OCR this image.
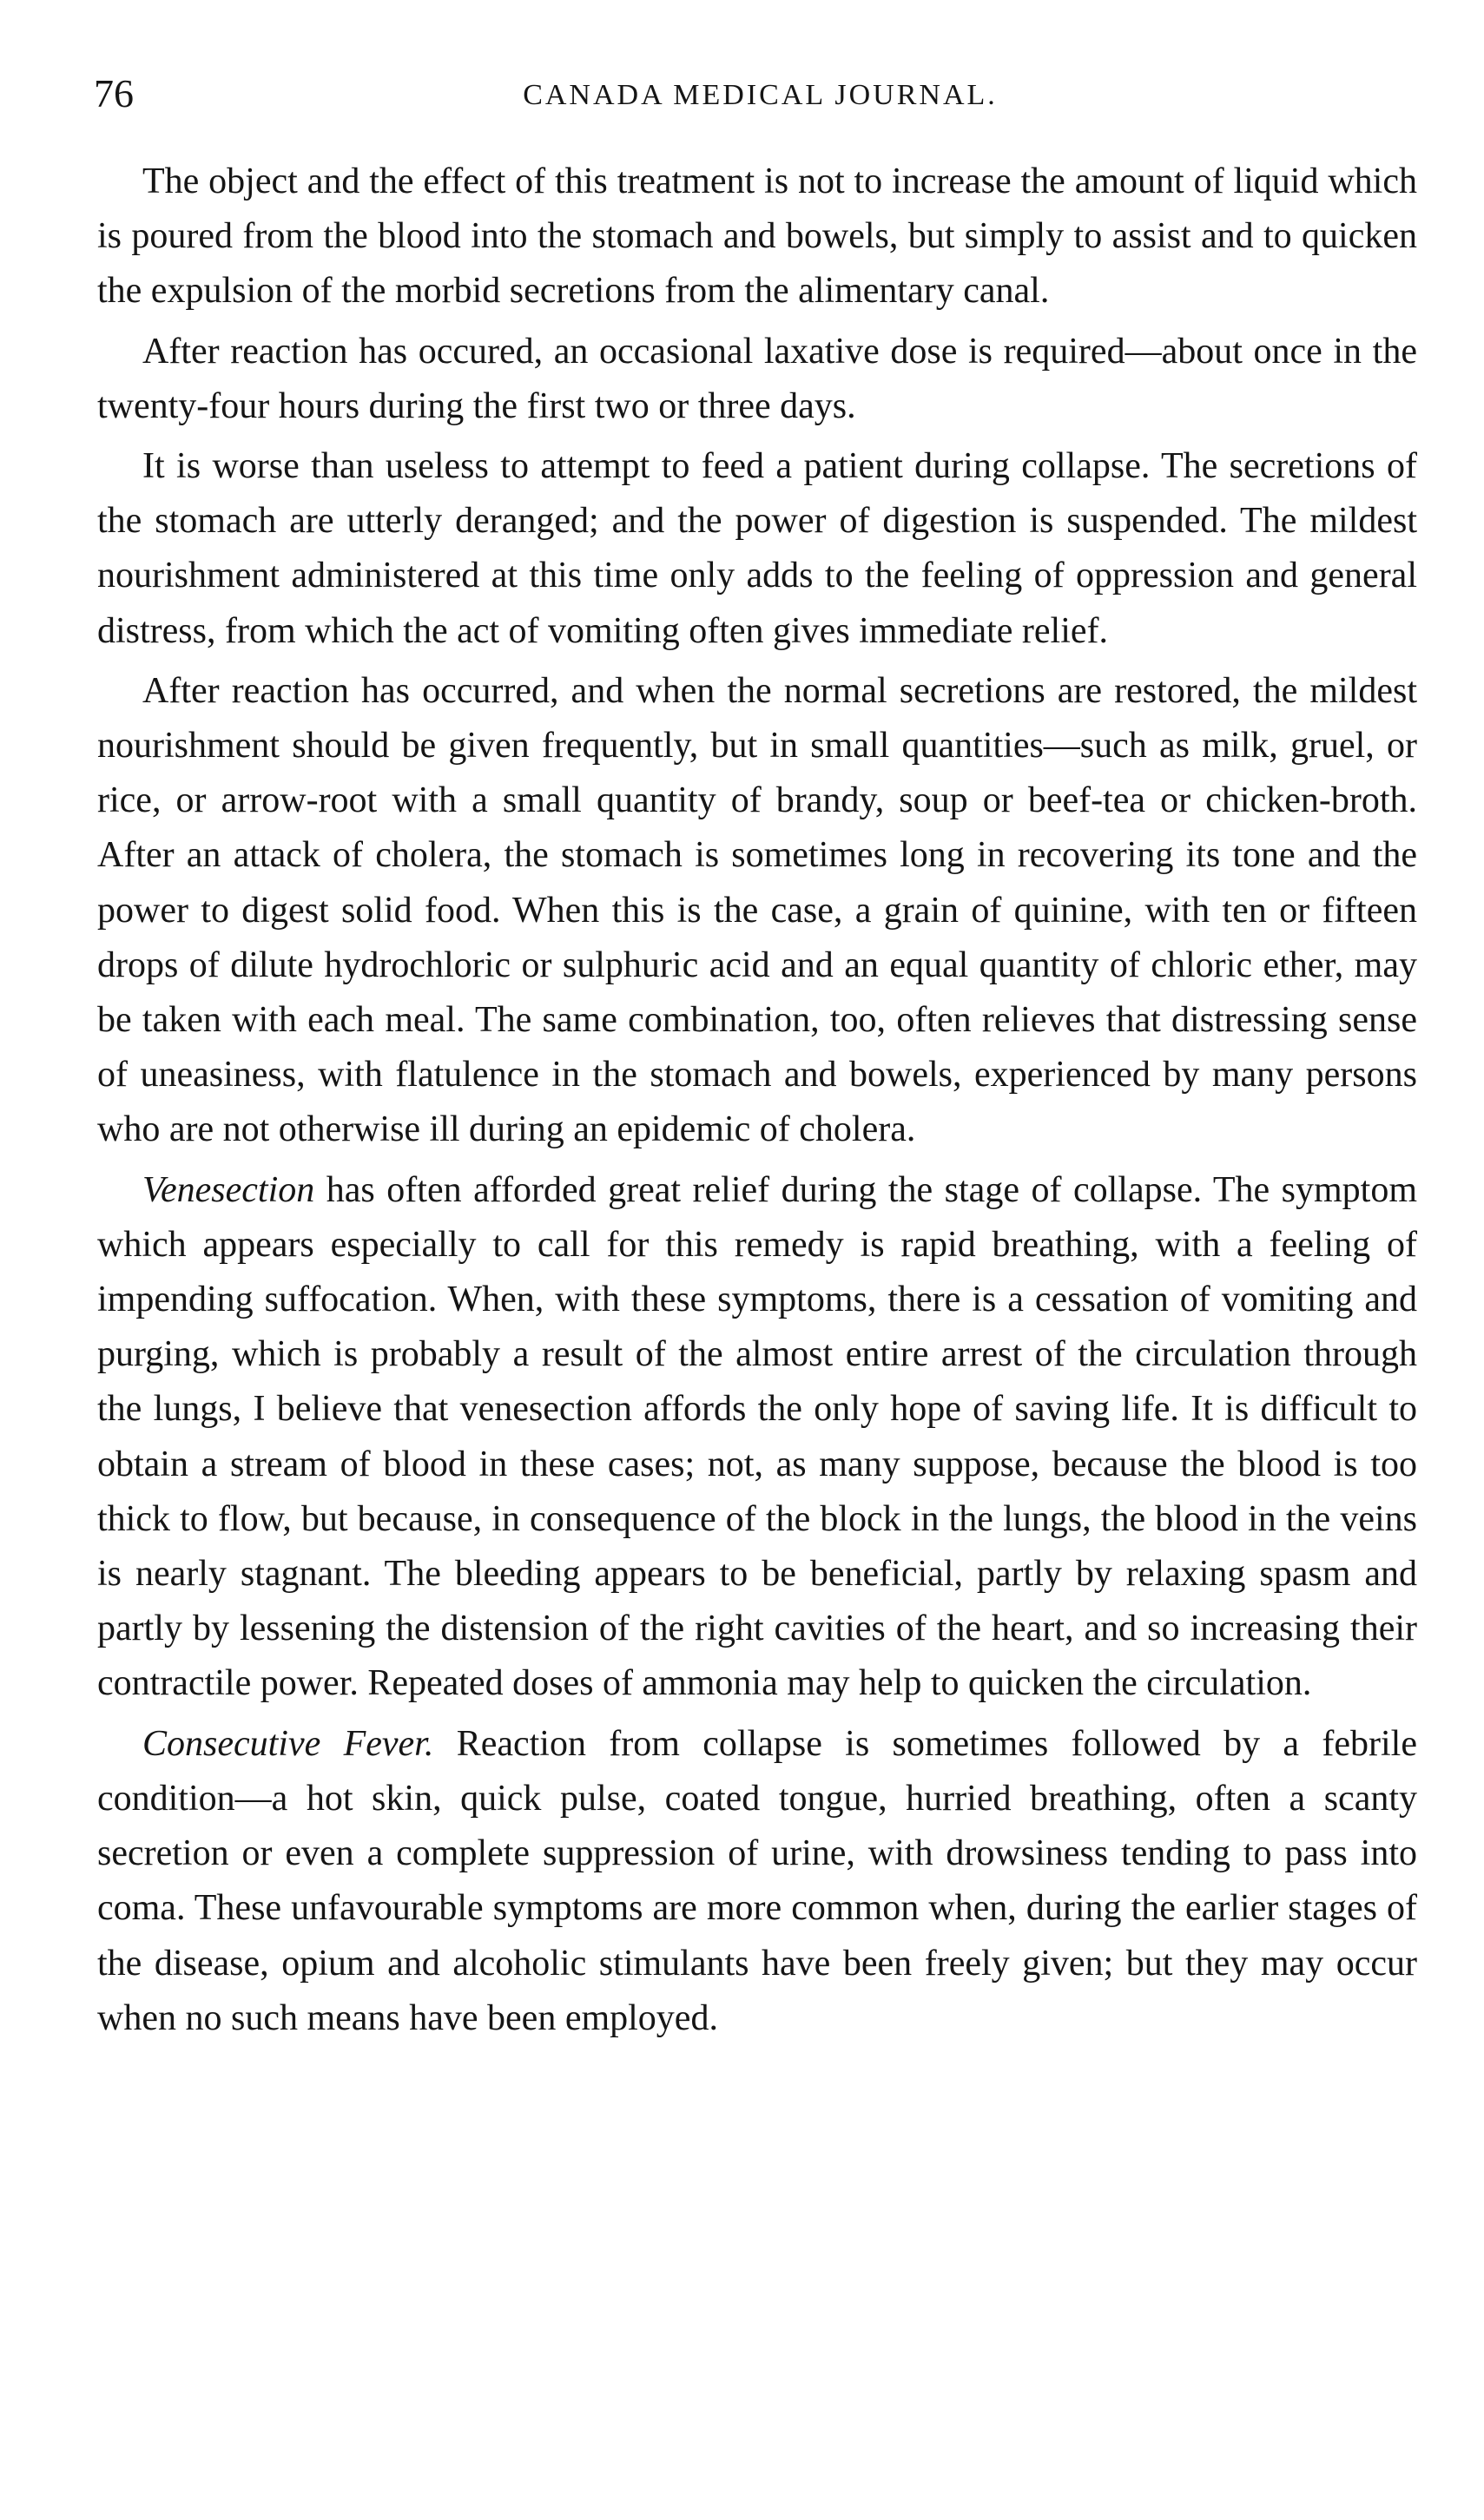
76	CANADA MEDICAL JOURNAL.

The object and the effect of this treatment is not to increase the amount of liquid which is poured from the blood into the stomach and bowels, but simply to assist and to quicken the expulsion of the morbid secretions from the alimentary canal.

After reaction has occured, an occasional laxative dose is required—about once in the twenty-four hours during the first two or three days.

It is worse than useless to attempt to feed a patient during collapse. The secretions of the stomach are utterly deranged; and the power of digestion is suspended. The mildest nourishment administered at this time only adds to the feeling of oppression and general distress, from which the act of vomiting often gives immediate relief.

After reaction has occurred, and when the normal secretions are restored, the mildest nourishment should be given frequently, but in small quantities—such as milk, gruel, or rice, or arrow-root with a small quantity of brandy, soup or beef-tea or chicken-broth. After an attack of cholera, the stomach is sometimes long in recovering its tone and the power to digest solid food. When this is the case, a grain of quinine, with ten or fifteen drops of dilute hydrochloric or sulphuric acid and an equal quantity of chloric ether, may be taken with each meal. The same combination, too, often relieves that distressing sense of uneasiness, with flatulence in the stomach and bowels, experienced by many persons who are not otherwise ill during an epidemic of cholera.

Venesection has often afforded great relief during the stage of collapse. The symptom which appears especially to call for this remedy is rapid breathing, with a feeling of impending suffocation. When, with these symptoms, there is a cessation of vomiting and purging, which is probably a result of the almost entire arrest of the circulation through the lungs, I believe that venesection affords the only hope of saving life. It is difficult to obtain a stream of blood in these cases; not, as many suppose, because the blood is too thick to flow, but because, in consequence of the block in the lungs, the blood in the veins is nearly stagnant. The bleeding appears to be beneficial, partly by relaxing spasm and partly by lessening the distension of the right cavities of the heart, and so increasing their contractile power. Repeated doses of ammonia may help to quicken the circulation.

Consecutive Fever. Reaction from collapse is sometimes followed by a febrile condition—a hot skin, quick pulse, coated tongue, hurried breathing, often a scanty secretion or even a complete suppression of urine, with drowsiness tending to pass into coma. These unfavourable symptoms are more common when, during the earlier stages of the disease, opium and alcoholic stimulants have been freely given; but they may occur when no such means have been employed.
